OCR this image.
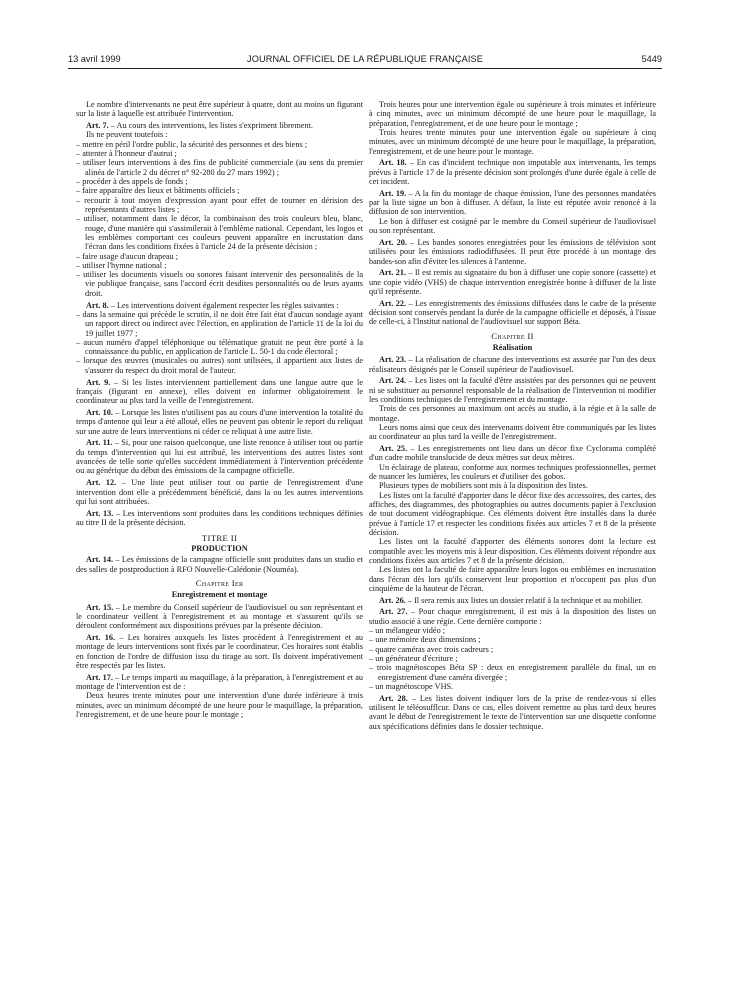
13 avril 1999	JOURNAL OFFICIEL DE LA RÉPUBLIQUE FRANÇAISE	5449

Le nombre d'intervenants ne peut être supérieur à quatre, dont au moins un figurant sur la liste à laquelle est attribuée l'intervention.

Art. 7. – Au cours des interventions, les listes s'expriment librement.

Ils ne peuvent toutefois :

– mettre en péril l'ordre public, la sécurité des personnes et des biens ;
– attenter à l'honneur d'autrui ;
– utiliser leurs interventions à des fins de publicité commerciale (au sens du premier alinéa de l'article 2 du décret n° 92-280 du 27 mars 1992) ;
– procéder à des appels de fonds ;
– faire apparaître des lieux et bâtiments officiels ;
– recourir à tout moyen d'expression ayant pour effet de tourner en dérision des représentants d'autres listes ;
– utiliser, notamment dans le décor, la combinaison des trois couleurs bleu, blanc, rouge, d'une manière qui s'assimilerait à l'emblème national. Cependant, les logos et les emblèmes comportant ces couleurs peuvent apparaître en incrustation dans l'écran dans les conditions fixées à l'article 24 de la présente décision ;
– faire usage d'aucun drapeau ;
– utiliser l'hymne national ;
– utiliser les documents visuels ou sonores faisant intervenir des personnalités de la vie publique française, sans l'accord écrit desdites personnalités ou de leurs ayants droit.

Art. 8. – Les interventions doivent également respecter les règles suivantes :

– dans la semaine qui précède le scrutin, il ne doit être fait état d'aucun sondage ayant un rapport direct ou indirect avec l'élection, en application de l'article 11 de la loi du 19 juillet 1977 ;
– aucun numéro d'appel téléphonique ou télématique gratuit ne peut être porté à la connaissance du public, en application de l'article L. 50-1 du code électoral ;
– lorsque des œuvres (musicales ou autres) sont utilisées, il appartient aux listes de s'assurer du respect du droit moral de l'auteur.

Art. 9. – Si les listes interviennent partiellement dans une langue autre que le français (figurant en annexe), elles doivent en informer obligatoirement le coordinateur au plus tard la veille de l'enregistrement.

Art. 10. – Lorsque les listes n'utilisent pas au cours d'une intervention la totalité du temps d'antenne qui leur a été alloué, elles ne peuvent pas obtenir le report du reliquat sur une autre de leurs interventions ni céder ce reliquat à une autre liste.

Art. 11. – Si, pour une raison quelconque, une liste renonce à utiliser tout ou partie du temps d'intervention qui lui est attribué, les interventions des autres listes sont avancées de telle sorte qu'elles succèdent immédiatement à l'intervention précédente ou au générique du début des émissions de la campagne officielle.

Art. 12. – Une liste peut utiliser tout ou partie de l'enregistrement d'une intervention dont elle a précédemment bénéficié, dans la ou les autres interventions qui lui sont attribuées.

Art. 13. – Les interventions sont produites dans les conditions techniques définies au titre II de la présente décision.

TITRE II

PRODUCTION

Art. 14. – Les émissions de la campagne officielle sont produites dans un studio et des salles de postproduction à RFO Nouvelle-Calédonie (Nouméa).

Chapitre Ier

Enregistrement et montage

Art. 15. – Le membre du Conseil supérieur de l'audiovisuel ou son représentant et le coordinateur veillent à l'enregistrement et au montage et s'assurent qu'ils se déroulent conformément aux dispositions prévues par la présente décision.

Art. 16. – Les horaires auxquels les listes procèdent à l'enregistrement et au montage de leurs interventions sont fixés par le coordinateur. Ces horaires sont établis en fonction de l'ordre de diffusion issu du tirage au sort. Ils doivent impérativement être respectés par les listes.

Art. 17. – Le temps imparti au maquillage, à la préparation, à l'enregistrement et au montage de l'intervention est de :

Deux heures trente minutes pour une intervention d'une durée inférieure à trois minutes, avec un minimum décompté de une heure pour le maquillage, la préparation, l'enregistrement, et de une heure pour le montage ;

Trois heures pour une intervention égale ou supérieure à trois minutes et inférieure à cinq minutes, avec un minimum décompté de une heure pour le maquillage, la préparation, l'enregistrement, et de une heure pour le montage ;

Trois heures trente minutes pour une intervention égale ou supérieure à cinq minutes, avec un minimum décompté de une heure pour le maquillage, la préparation, l'enregistrement, et de une heure pour le montage.

Art. 18. – En cas d'incident technique non imputable aux intervenants, les temps prévus à l'article 17 de la présente décision sont prolongés d'une durée égale à celle de cet incident.

Art. 19. – A la fin du montage de chaque émission, l'une des personnes mandatées par la liste signe un bon à diffuser. A défaut, la liste est réputée avoir renoncé à la diffusion de son intervention.

Le bon à diffuser est cosigné par le membre du Conseil supérieur de l'audiovisuel ou son représentant.

Art. 20. – Les bandes sonores enregistrées pour les émissions de télévision sont utilisées pour les émissions radiodiffusées. Il peut être procédé à un montage des bandes-son afin d'éviter les silences à l'antenne.

Art. 21. – Il est remis au signataire du bon à diffuser une copie sonore (cassette) et une copie vidéo (VHS) de chaque intervention enregistrée bonne à diffuser de la liste qu'il représente.

Art. 22. – Les enregistrements des émissions diffusées dans le cadre de la présente décision sont conservés pendant la durée de la campagne officielle et déposés, à l'issue de celle-ci, à l'Institut national de l'audiovisuel sur support Béta.

Chapitre II

Réalisation

Art. 23. – La réalisation de chacune des interventions est assurée par l'un des deux réalisateurs désignés par le Conseil supérieur de l'audiovisuel.

Art. 24. – Les listes ont la faculté d'être assistées par des personnes qui ne peuvent ni se substituer au personnel responsable de la réalisation de l'intervention ni modifier les conditions techniques de l'enregistrement et du montage.

Trois de ces personnes au maximum ont accès au studio, à la régie et à la salle de montage.

Leurs noms ainsi que ceux des intervenants doivent être communiqués par les listes au coordinateur au plus tard la veille de l'enregistrement.

Art. 25. – Les enregistrements ont lieu dans un décor fixe Cyclorama complété d'un cadre mobile translucide de deux mètres sur deux mètres.

Un éclairage de plateau, conforme aux normes techniques professionnelles, permet de nuancer les lumières, les couleurs et d'utiliser des gobos.

Plusieurs types de mobiliers sont mis à la disposition des listes.

Les listes ont la faculté d'apporter dans le décor fixe des accessoires, des cartes, des affiches, des diagrammes, des photographies ou autres documents papier à l'exclusion de tout document vidéographique. Ces éléments doivent être installés dans la durée prévue à l'article 17 et respecter les conditions fixées aux articles 7 et 8 de la présente décision.

Les listes ont la faculté d'apporter des éléments sonores dont la lecture est compatible avec les moyens mis à leur disposition. Ces éléments doivent répondre aux conditions fixées aux articles 7 et 8 de la présente décision.

Les listes ont la faculté de faire apparaître leurs logos ou emblèmes en incrustation dans l'écran dès lors qu'ils conservent leur proportion et n'occupent pas plus d'un cinquième de la hauteur de l'écran.

Art. 26. – Il sera remis aux listes un dossier relatif à la technique et au mobilier.

Art. 27. – Pour chaque enregistrement, il est mis à la disposition des listes un studio associé à une régie. Cette dernière comporte :

– un mélangeur vidéo ;
– une mémoire deux dimensions ;
– quatre caméras avec trois cadreurs ;
– un générateur d'écriture ;
– trois magnétoscopes Béta SP : deux en enregistrement parallèle du final, un en enregistrement d'une caméra divergée ;
– un magnétoscope VHS.

Art. 28. – Les listes doivent indiquer lors de la prise de rendez-vous si elles utilisent le téléosufflcur. Dans ce cas, elles doivent remettre au plus tard deux heures avant le début de l'enregistrement le texte de l'intervention sur une disquette conforme aux spécifications définies dans le dossier technique.
